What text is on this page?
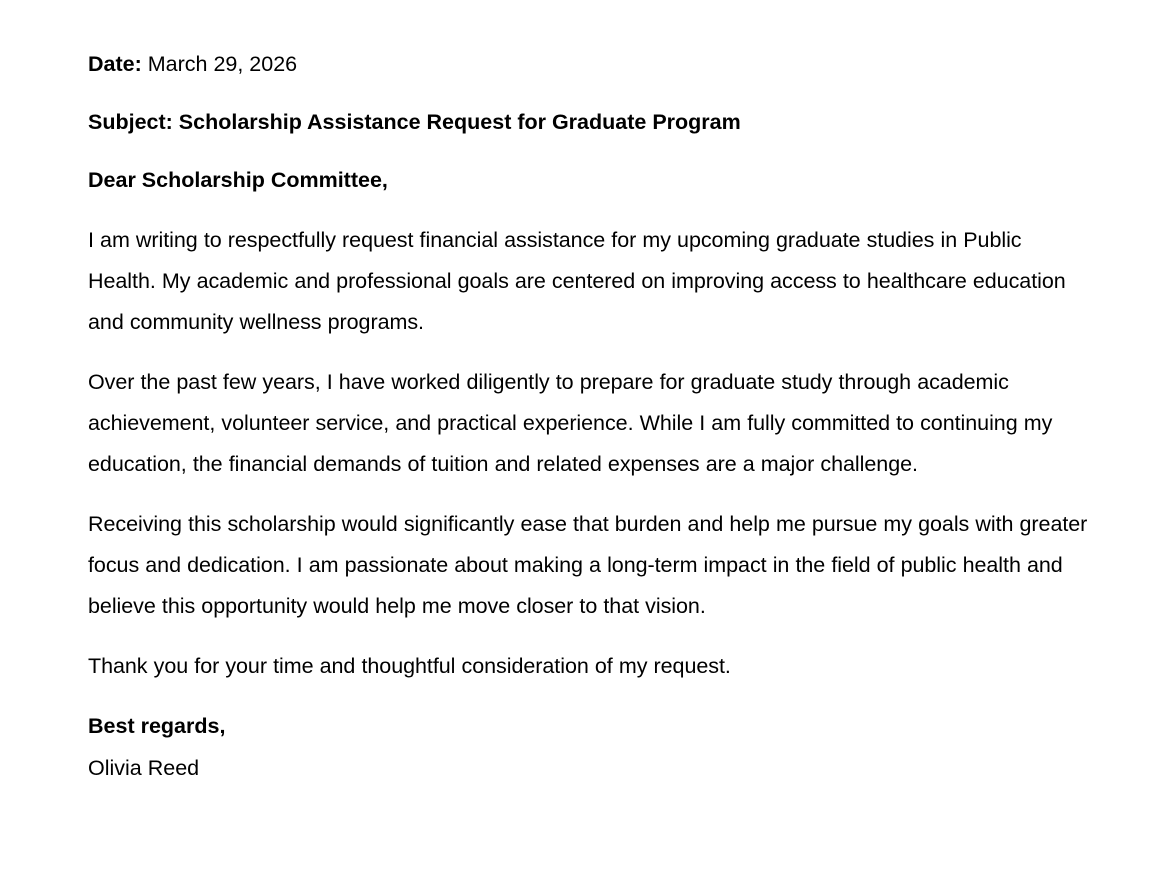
Date: March 29, 2026

Subject: Scholarship Assistance Request for Graduate Program

Dear Scholarship Committee,

I am writing to respectfully request financial assistance for my upcoming graduate studies in Public Health. My academic and professional goals are centered on improving access to healthcare education and community wellness programs.

Over the past few years, I have worked diligently to prepare for graduate study through academic achievement, volunteer service, and practical experience. While I am fully committed to continuing my education, the financial demands of tuition and related expenses are a major challenge.

Receiving this scholarship would significantly ease that burden and help me pursue my goals with greater focus and dedication. I am passionate about making a long-term impact in the field of public health and believe this opportunity would help me move closer to that vision.

Thank you for your time and thoughtful consideration of my request.

Best regards,

Olivia Reed
